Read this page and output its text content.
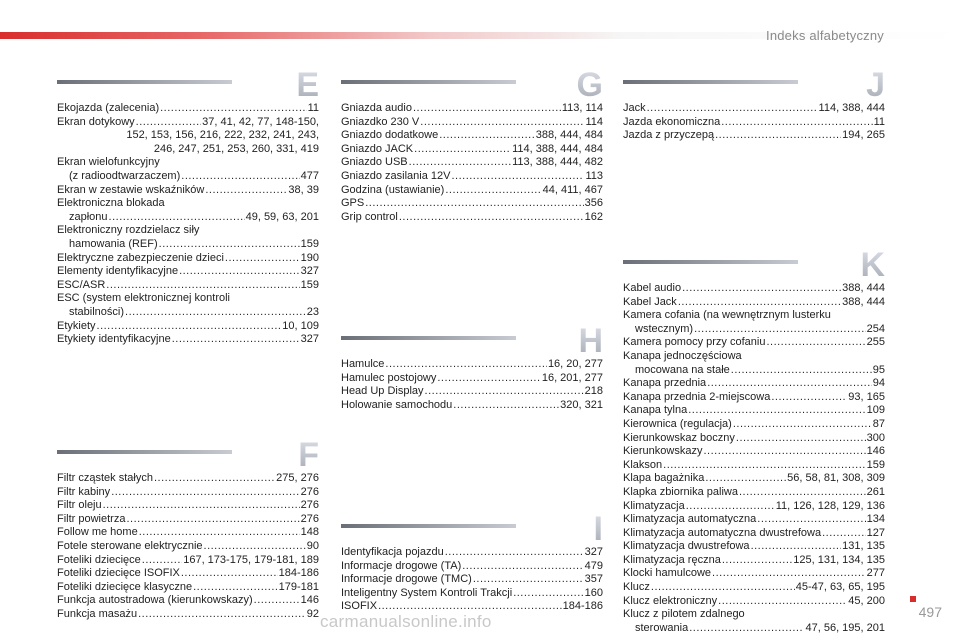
Indeks alfabetyczny
E
Ekojazda (zalecenia) .....	11
Ekran dotykowy .....	37, 41, 42, 77, 148-150,
152, 153, 156, 216, 222, 232, 241, 243,
246, 247, 251, 253, 260, 331, 419
Ekran wielofunkcyjny
(z radioodtwarzaczem) .....	477
Ekran w zestawie wskaźników .....	38, 39
Elektroniczna blokada
zapłonu .....	49, 59, 63, 201
Elektroniczny rozdzielacz siły
hamowania (REF) .....	159
Elektryczne zabezpieczenie dzieci .....	190
Elementy identyfikacyjne .....	327
ESC/ASR .....	159
ESC (system elektronicznej kontroli
stabilności) .....	23
Etykiety .....	10, 109
Etykiety identyfikacyjne .....	327
F
Filtr cząstek stałych .....	275, 276
Filtr kabiny .....	276
Filtr oleju .....	276
Filtr powietrza .....	276
Follow me home .....	148
Fotele sterowane elektrycznie .....	90
Foteliki dziecięce .....	167, 173-175, 179-181, 189
Foteliki dziecięce ISOFIX .....	184-186
Foteliki dziecięce klasyczne .....	179-181
Funkcja autostradowa (kierunkowskazy) .....	146
Funkcja masażu .....	92
G
Gniazda audio .....	113, 114
Gniazdko 230 V .....	114
Gniazdo dodatkowe .....	388, 444, 484
Gniazdo JACK .....	114, 388, 444, 484
Gniazdo USB .....	113, 388, 444, 482
Gniazdo zasilania 12V .....	113
Godzina (ustawianie) .....	44, 411, 467
GPS .....	356
Grip control .....	162
H
Hamulce .....	16, 20, 277
Hamulec postojowy .....	16, 201, 277
Head Up Display .....	218
Holowanie samochodu .....	320, 321
I
Identyfikacja pojazdu .....	327
Informacje drogowe (TA) .....	479
Informacje drogowe (TMC) .....	357
Inteligentny System Kontroli Trakcji .....	160
ISOFIX .....	184-186
J
Jack .....	114, 388, 444
Jazda ekonomiczna .....	11
Jazda z przyczepą .....	194, 265
K
Kabel audio .....	388, 444
Kabel Jack .....	388, 444
Kamera cofania (na wewnętrznym lusterku
wstecznym) .....	254
Kamera pomocy przy cofaniu .....	255
Kanapa jednoczęściowa
mocowana na stałe .....	95
Kanapa przednia .....	94
Kanapa przednia 2-miejscowa .....	93, 165
Kanapa tylna .....	109
Kierownica (regulacja) .....	87
Kierunkowskaz boczny .....	300
Kierunkowskazy .....	146
Klakson .....	159
Klapa bagażnika .....	56, 58, 81, 308, 309
Klapka zbiornika paliwa .....	261
Klimatyzacja .....	11, 126, 128, 129, 136
Klimatyzacja automatyczna .....	134
Klimatyzacja automatyczna dwustrefowa .....	127
Klimatyzacja dwustrefowa .....	131, 135
Klimatyzacja ręczna .....	125, 131, 134, 135
Klocki hamulcowe .....	277
Klucz .....	45-47, 63, 65, 195
Klucz elektroniczny .....	45, 200
Klucz z pilotem zdalnego
sterowania .....	47, 56, 195, 201
497
carmanualsonline.info
